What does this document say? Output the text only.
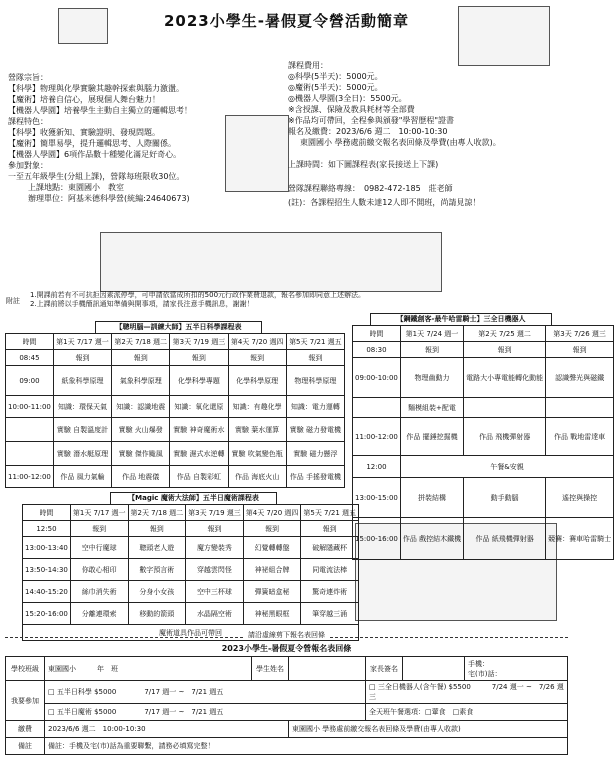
2023小學生-暑假夏令營活動簡章
營隊宗旨：
【科學】物理與化學實驗其趣幹探索與腦力激盪。
【魔術】培養自信心，展現個人舞台魅力！
【機器人學園】培養學生主動自主獨立的邏輯思考！
課程特色：
【科學】收獲新知、實驗證明、發現問題。
【魔術】簡單易學，提升邏輯思考、人際關係。
【機器人學園】6項作品數十種變化滿足好奇心。
參加對象：
一至五年級學生(分組上課)，營隊每班限收30位。
上課地點：東園國小　教室
辦理單位：阿基米德科學營(統編:24640673)
課程費用：
◎科學(5半天)：5000元。
◎魔術(5半天)：5000元。
◎機器人學園(3全日)：5500元。
※含授課、保險及教具耗材等全部費
※作品均可帶回，全程參與頒發"學習歷程"證書
報名及繳費：2023/6/6 週二　10:00-10:30
東園國小 學務處前繳交報名表回條及學費(由專人收款)。
上課時間：如下圖課程表(家長接送上下課)
營隊課程聯絡專線：　0982-472-185　莊老師
(註)：各課程招生人數未達12人即不開班，尚請見諒！
附註
1.開課前若有不可抗拒因素派停學，可申請依當成所扣的500元行政作業費退款，報名參加即同意上述辦法。
2.上課前將以手機簡訊通知準備與開事項，請家長注意手機訊息，謝謝！
【聰明腦—訓練大師】五半日科學課程表
時間	第1天 7/17 週一	第2天 7/18 週二	第3天 7/19 週三	第4天 7/20 週四	第5天 7/21 週五
08:45	報到	報到	報到	報到	報到
09:00	紙象科學原理	氣象科學原理	化學科學專題	化學科學原理	物理科學原理
10:00-11:00	知識：環保天氣	知識：認識地震	知識：氧化還原	知識：有趣化學	知識：電力運轉
	實驗 自製溫度計	實驗 火山爆發	實驗 神奇魔術水	實驗 葉水運算	實驗 磁力發電機
	實驗 潛水艇原理	實驗 傑作颱風	實驗 濕式水逆轉	實驗 吹氣變色瓶	實驗 磁力懸浮
11:00-12:00	作品 風力氣輪	作品 地震儀	作品 自製彩虹	作品 海底火山	作品 手搖發電機
【鋼鐵創客-最牛哈雷騎士】三全日機器人
時間	第1天 7/24 週一	第2天 7/25 週二	第3天 7/26 週三
08:30	報到	報到	報到
09:00-10:00	物理齒動力	電路大小專電能轉化動能	認識聲光與磁鐵
	麵模組裝+配電		
11:00-12:00	作品 擺錘挖掘機	作品 飛機彈射器	作品 戰地雷達車
12:00	午餐&安親		
13:00-15:00	拼裝結構	動手動腦	遙控與操控
15:00-16:00	作品 戲控結木鐵機	作品 紙飛機彈射器	競賽：賽車哈雷騎士
【Magic 魔術大法師】五半日魔術課程表
時間	第1天 7/17 週一	第2天 7/18 週二	第3天 7/19 週三	第4天 7/20 週四	第5天 7/21 週五
12:50	報到	報到	報到	報到	報到
13:00-13:40	空中行魔球	聰頭老人遊	魔方變裝秀	幻覺轉轉盤	破解隱藏杯
13:50-14:30	你敢心相印	數字預言術	穿越雲閃怪	神祕組合牌	同電流法棒
14:40-15:20	絲巾消失術	分身小女孩	空中三杯球	彈簧暗盒秘	驚奇連炸術
15:20-16:00	分離連環索	移動的箭頭	水晶隔空術	神秘黑眼框	筆穿越三涌
魔術道具作品可帶回						請沿虛線剪下報名表回條
2023小學生-暑假夏令營報名表回條
學校班級	東園國小　　　 年　班	學生姓名		家長簽名		手機：
宅(市)話：

我要參加	□ 五半日科學 $5000　　　　7/17 週一 ~　7/21 週五			□ 三全日機器人(含午餐) $5500　　　7/24 週一 ~　7/26 週三		
	□ 五半日魔術 $5000　　　　7/17 週一 ~　7/21 週五			全天班午餐選項：□葷食　□素食		
繳費	2023/6/6 週二　10:00-10:30		東園國小 學務處前繳交報名表回條及學費(由專人收款)			
備註	備註：手機及宅(市)話為重要聯繫，請務必填寫完整！					
